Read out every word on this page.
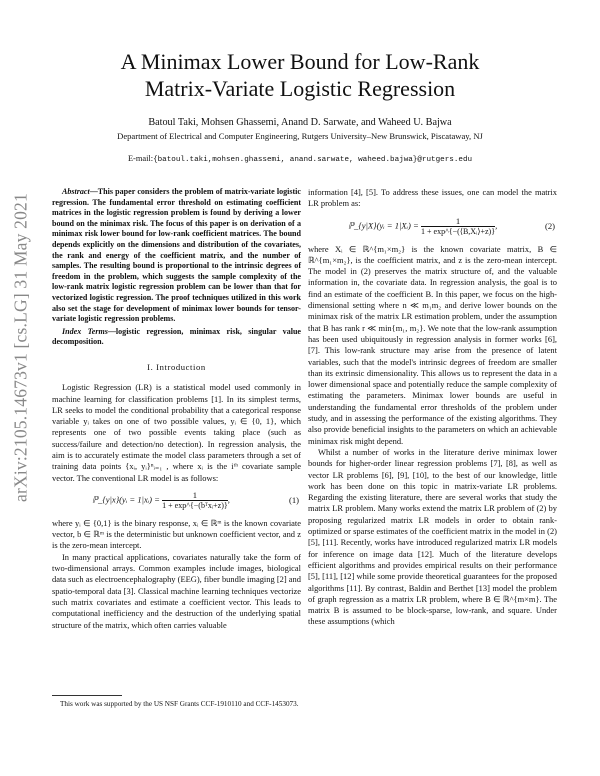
arXiv:2105.14673v1 [cs.LG] 31 May 2021
A Minimax Lower Bound for Low-Rank
Matrix-Variate Logistic Regression
Batoul Taki, Mohsen Ghassemi, Anand D. Sarwate, and Waheed U. Bajwa
Department of Electrical and Computer Engineering, Rutgers University–New Brunswick, Piscataway, NJ
E-mail:{batoul.taki,mohsen.ghassemi, anand.sarwate, waheed.bajwa}@rutgers.edu

Abstract—This paper considers the problem of matrix-variate logistic regression. The fundamental error threshold on estimating coefficient matrices in the logistic regression problem is found by deriving a lower bound on the minimax risk. The focus of this paper is on derivation of a minimax risk lower bound for low-rank coefficient matrices. The bound depends explicitly on the dimensions and distribution of the covariates, the rank and energy of the coefficient matrix, and the number of samples. The resulting bound is proportional to the intrinsic degrees of freedom in the problem, which suggests the sample complexity of the low-rank matrix logistic regression problem can be lower than that for vectorized logistic regression. The proof techniques utilized in this work also set the stage for development of minimax lower bounds for tensor-variate logistic regression problems.

Index Terms—logistic regression, minimax risk, singular value decomposition.

I. Introduction

Logistic Regression (LR) is a statistical model used commonly in machine learning for classification problems [1]. In its simplest terms, LR seeks to model the conditional probability that a categorical response variable yᵢ takes on one of two possible values, yᵢ ∈ {0, 1}, which represents one of two possible events taking place (such as success/failure and detection/no detection). In regression analysis, the aim is to accurately estimate the model class parameters through a set of training data points {xᵢ, yᵢ}ⁿᵢ₌₁ , where xᵢ is the iᵗʰ covariate sample vector. The conventional LR model is as follows:

ℙ_{y|x}(yᵢ = 1|xᵢ) = $\frac{1}{\text{1 + exp\textasciicircum{}\{−(bᵀxᵢ+z)\}}}$ ,	(1)

where yᵢ ∈ {0,1} is the binary response, xᵢ ∈ ℝᵐ is the known covariate vector, b ∈ ℝᵐ is the deterministic but unknown coefficient vector, and z is the zero-mean intercept.

In many practical applications, covariates naturally take the form of two-dimensional arrays. Common examples include images, biological data such as electroencephalography (EEG), fiber bundle imaging [2] and spatio-temporal data [3]. Classical machine learning techniques vectorize such matrix covariates and estimate a coefficient vector. This leads to computational inefficiency and the destruction of the underlying spatial structure of the matrix, which often carries valuable

information [4], [5]. To address these issues, one can model the matrix LR problem as:

ℙ_{y|X}(yᵢ = 1|Xᵢ) = $\frac{1}{\text{1 + exp\textasciicircum{}\{−(⟨B,Xᵢ⟩+z)\}}}$ ,	(2)

where Xᵢ ∈ ℝ^{m₁×m₂} is the known covariate matrix, B ∈ ℝ^{m₁×m₂}, is the coefficient matrix, and z is the zero-mean intercept. The model in (2) preserves the matrix structure of, and the valuable information in, the covariate data. In regression analysis, the goal is to find an estimate of the coefficient B. In this paper, we focus on the high-dimensional setting where n ≪ m₁m₂ and derive lower bounds on the minimax risk of the matrix LR estimation problem, under the assumption that B has rank r ≪ min{m₁, m₂}. We note that the low-rank assumption has been used ubiquitously in regression analysis in former works [6], [7]. This low-rank structure may arise from the presence of latent variables, such that the model's intrinsic degrees of freedom are smaller than its extrinsic dimensionality. This allows us to represent the data in a lower dimensional space and potentially reduce the sample complexity of estimating the parameters. Minimax lower bounds are useful in understanding the fundamental error thresholds of the problem under study, and in assessing the performance of the existing algorithms. They also provide beneficial insights to the parameters on which an achievable minimax risk might depend.

Whilst a number of works in the literature derive minimax lower bounds for higher-order linear regression problems [7], [8], as well as vector LR problems [6], [9], [10], to the best of our knowledge, little work has been done on this topic in matrix-variate LR problems. Regarding the existing literature, there are several works that study the matrix LR problem. Many works extend the matrix LR problem of (2) by proposing regularized matrix LR models in order to obtain rank-optimized or sparse estimates of the coefficient matrix in the model in (2) [5], [11]. Recently, works have introduced regularized matrix LR models for inference on image data [12]. Much of the literature develops efficient algorithms and provides empirical results on their performance [5], [11], [12] while some provide theoretical guarantees for the proposed algorithms [11]. By contrast, Baldin and Berthet [13] model the problem of graph regression as a matrix LR problem, where B ∈ ℝ^{m×m}. The matrix B is assumed to be block-sparse, low-rank, and square. Under these assumptions (which

This work was supported by the US NSF Grants CCF-1910110 and CCF-1453073.
